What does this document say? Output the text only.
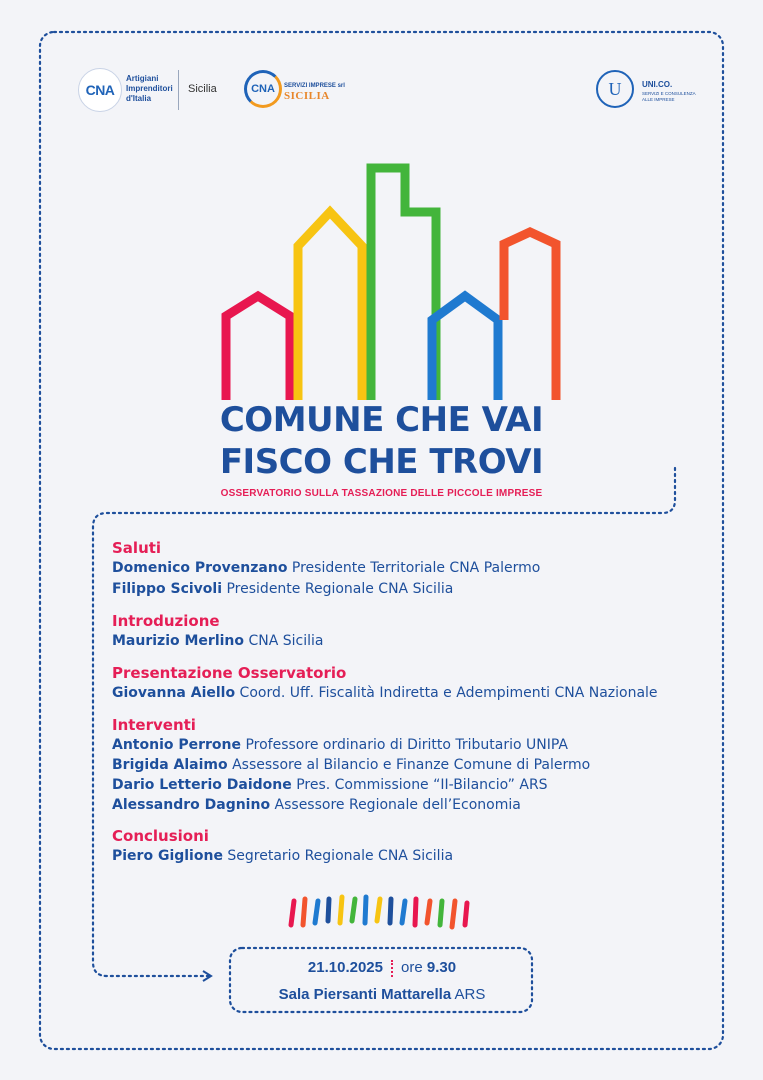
CNA
Artigiani
Imprenditori
d'Italia
Sicilia	CNA SERVIZI IMPRESE srl
SICILIA	U	UNI.CO.
SERVIZI E CONSULENZA ALLE IMPRESE
COMUNE CHE VAI
FISCO CHE TROVI
OSSERVATORIO SULLA TASSAZIONE DELLE PICCOLE IMPRESE
Saluti
Domenico Provenzano Presidente Territoriale CNA Palermo
Filippo Scivoli Presidente Regionale CNA Sicilia
Introduzione
Maurizio Merlino CNA Sicilia
Presentazione Osservatorio
Giovanna Aiello Coord. Uff. Fiscalità Indiretta e Adempimenti CNA Nazionale
Interventi
Antonio Perrone Professore ordinario di Diritto Tributario UNIPA
Brigida Alaimo Assessore al Bilancio e Finanze Comune di Palermo
Dario Letterio Daidone Pres. Commissione “II-Bilancio” ARS
Alessandro Dagnino Assessore Regionale dell’Economia
Conclusioni
Piero Giglione Segretario Regionale CNA Sicilia
21.10.2025 ore 9.30
Sala Piersanti Mattarella ARS
